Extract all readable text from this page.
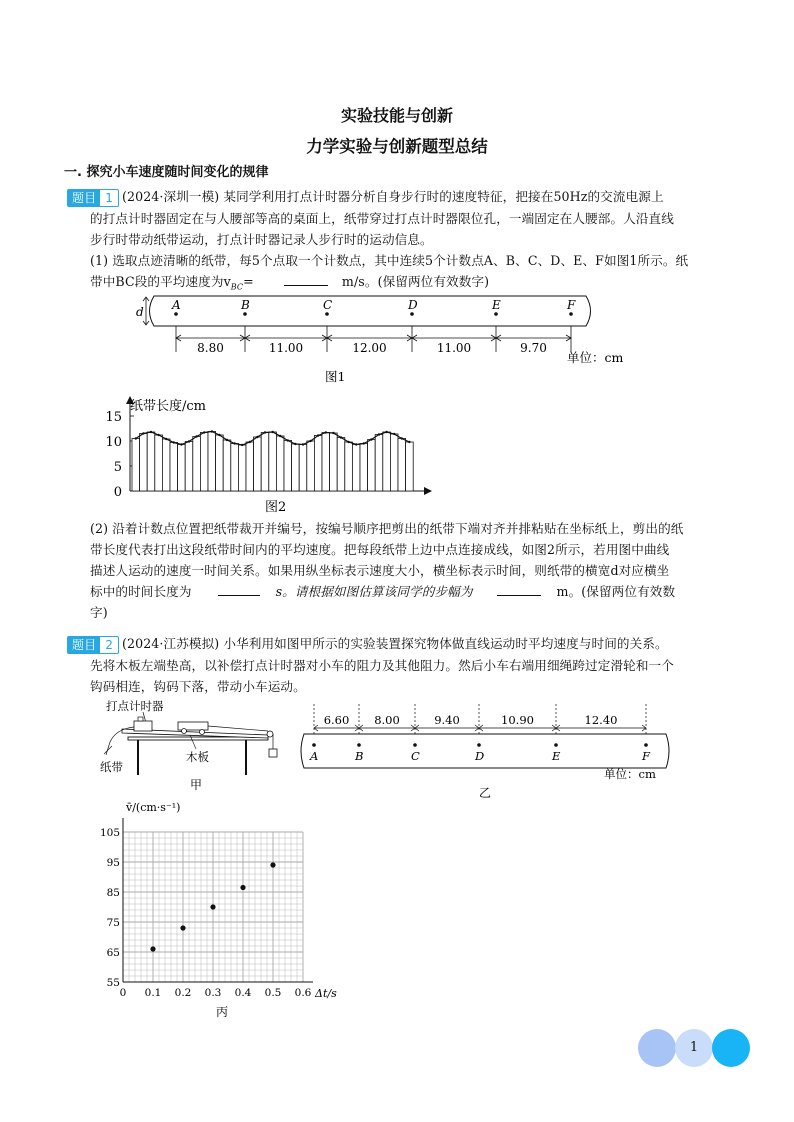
实验技能与创新
力学实验与创新题型总结
一. 探究小车速度随时间变化的规律
题目 1 (2024·深圳一模) 某同学利用打点计时器分析自身步行时的速度特征，把接在50Hz的交流电源上
的打点计时器固定在与人腰部等高的桌面上，纸带穿过打点计时器限位孔，一端固定在人腰部。人沿直线
步行时带动纸带运动，打点计时器记录人步行时的运动信息。
(1) 选取点迹清晰的纸带，每5个点取一个计数点，其中连续5个计数点A、B、C、D、E、F如图1所示。纸
带中BC段的平均速度为$v_{BC}=$	m/s。(保留两位有效数字)
d A	B	C	D	E	F
8.80	11.00	12.00	11.00	9.70
单位：cm
图1
15
10
5
0
纸带长度/cm
图2
(2) 沿着计数点位置把纸带裁开并编号，按编号顺序把剪出的纸带下端对齐并排粘贴在坐标纸上，剪出的纸
带长度代表打出这段纸带时间内的平均速度。把每段纸带上边中点连接成线，如图2所示，若用图中曲线
描述人运动的速度一时间关系。如果用纵坐标表示速度大小，横坐标表示时间，则纸带的横宽d对应横坐
标中的时间长度为	s。请根据如图估算该同学的步幅为	m。(保留两位有效数
字)
题目 2 (2024·江苏模拟) 小华利用如图甲所示的实验装置探究物体做直线运动时平均速度与时间的关系。
先将木板左端垫高，以补偿打点计时器对小车的阻力及其他阻力。然后小车右端用细绳跨过定滑轮和一个
钩码相连，钩码下落，带动小车运动。
打点计时器
纸带
木板
甲
A	B	C	D	E	F
6.60 8.00	9.40	10.90	12.40
单位：cm
乙
105
95
85
75
65
55
0 0.1 0.2 0.3 0.4 0.5 0.6
v̄/(cm·s⁻¹)
Δt/s
丙
1
